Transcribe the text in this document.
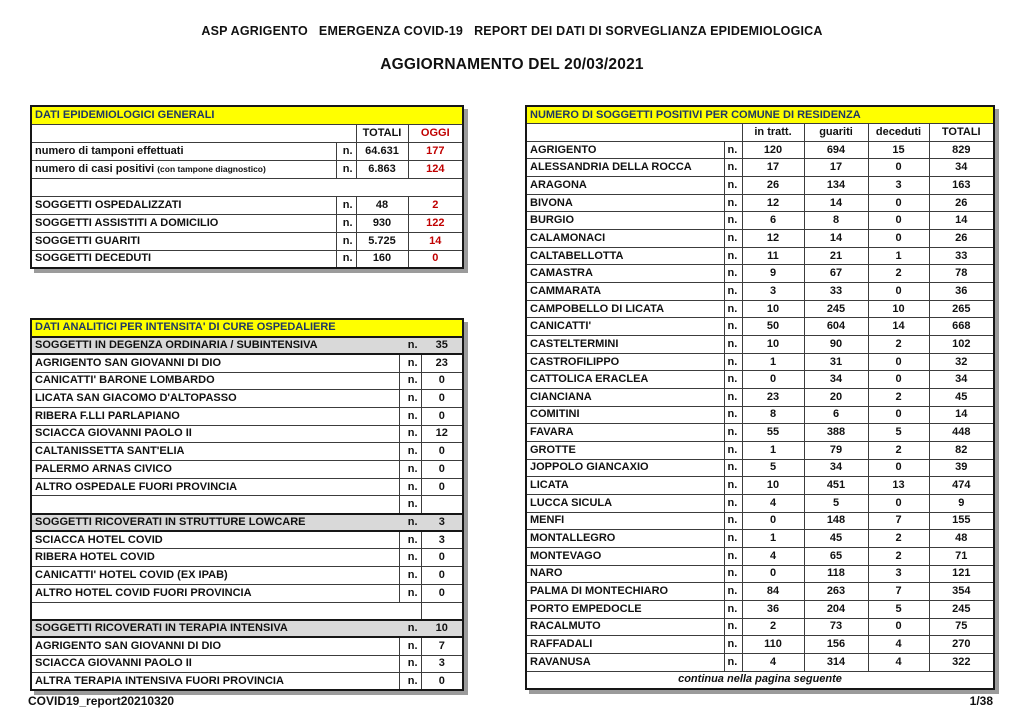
ASP AGRIGENTO   EMERGENZA COVID-19   REPORT DEI DATI DI SORVEGLIANZA EPIDEMIOLOGICA
AGGIORNAMENTO DEL 20/03/2021
DATI EPIDEMIOLOGICI GENERALI			
		TOTALI	OGGI
numero di tamponi effettuati	n.	64.631	177
numero di casi positivi (con tampone diagnostico)	n.	6.863	124

SOGGETTI OSPEDALIZZATI	n.	48	2
SOGGETTI ASSISTITI A DOMICILIO	n.	930	122
SOGGETTI GUARITI	n.	5.725	14
SOGGETTI DECEDUTI	n.	160	0
DATI ANALITICI PER INTENSITA' DI CURE OSPEDALIERE		
SOGGETTI IN DEGENZA ORDINARIA / SUBINTENSIVA	n.	35
AGRIGENTO SAN GIOVANNI DI DIO	n.	23
CANICATTI' BARONE LOMBARDO	n.	0
LICATA SAN GIACOMO D'ALTOPASSO	n.	0
RIBERA F.LLI PARLAPIANO	n.	0
SCIACCA GIOVANNI PAOLO II	n.	12
CALTANISSETTA SANT'ELIA	n.	0
PALERMO ARNAS CIVICO	n.	0
ALTRO OSPEDALE FUORI PROVINCIA	n.	0
	n.	
SOGGETTI RICOVERATI IN STRUTTURE LOWCARE	n.	3
SCIACCA HOTEL COVID	n.	3
RIBERA HOTEL COVID	n.	0
CANICATTI' HOTEL COVID (EX IPAB)	n.	0
ALTRO HOTEL COVID FUORI PROVINCIA	n.	0

SOGGETTI RICOVERATI IN TERAPIA INTENSIVA	n.	10
AGRIGENTO SAN GIOVANNI DI DIO	n.	7
SCIACCA GIOVANNI PAOLO II	n.	3
ALTRA TERAPIA INTENSIVA FUORI PROVINCIA	n.	0
NUMERO DI SOGGETTI POSITIVI PER COMUNE DI RESIDENZA					
		in tratt.	guariti	deceduti	TOTALI
AGRIGENTO	n.	120	694	15	829
ALESSANDRIA DELLA ROCCA	n.	17	17	0	34
ARAGONA	n.	26	134	3	163
BIVONA	n.	12	14	0	26
BURGIO	n.	6	8	0	14
CALAMONACI	n.	12	14	0	26
CALTABELLOTTA	n.	11	21	1	33
CAMASTRA	n.	9	67	2	78
CAMMARATA	n.	3	33	0	36
CAMPOBELLO DI LICATA	n.	10	245	10	265
CANICATTI'	n.	50	604	14	668
CASTELTERMINI	n.	10	90	2	102
CASTROFILIPPO	n.	1	31	0	32
CATTOLICA ERACLEA	n.	0	34	0	34
CIANCIANA	n.	23	20	2	45
COMITINI	n.	8	6	0	14
FAVARA	n.	55	388	5	448
GROTTE	n.	1	79	2	82
JOPPOLO GIANCAXIO	n.	5	34	0	39
LICATA	n.	10	451	13	474
LUCCA SICULA	n.	4	5	0	9
MENFI	n.	0	148	7	155
MONTALLEGRO	n.	1	45	2	48
MONTEVAGO	n.	4	65	2	71
NARO	n.	0	118	3	121
PALMA DI MONTECHIARO	n.	84	263	7	354
PORTO EMPEDOCLE	n.	36	204	5	245
RACALMUTO	n.	2	73	0	75
RAFFADALI	n.	110	156	4	270
RAVANUSA	n.	4	314	4	322
continua nella pagina seguente					
COVID19_report20210320	1/38
